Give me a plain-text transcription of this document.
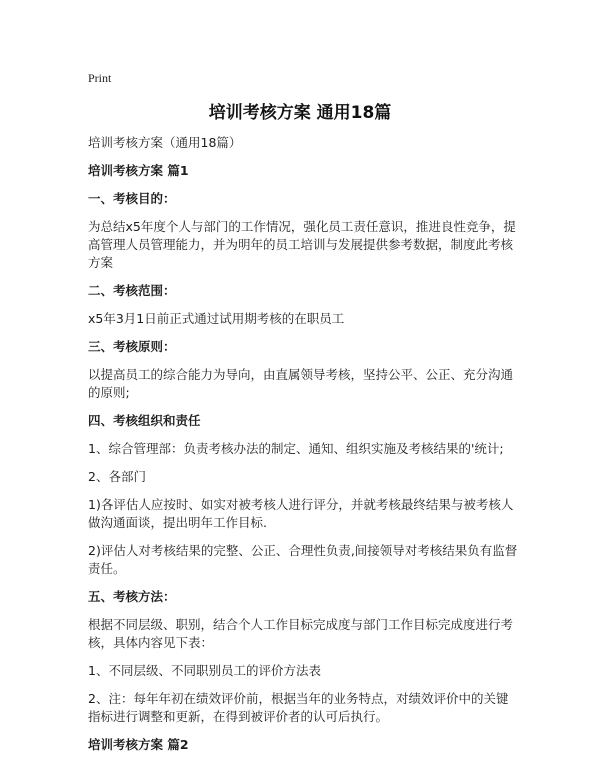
Print
培训考核方案 通用18篇
培训考核方案（通用18篇）
培训考核方案 篇1
一、考核目的：
为总结x5年度个人与部门的工作情况，强化员工责任意识，推进良性竞争，提高管理人员管理能力，并为明年的员工培训与发展提供参考数据，制度此考核方案
二、考核范围：
x5年3月1日前正式通过试用期考核的在职员工
三、考核原则：
以提高员工的综合能力为导向，由直属领导考核，坚持公平、公正、充分沟通的原则;
四、考核组织和责任
1、综合管理部：负责考核办法的制定、通知、组织实施及考核结果的'统计;
2、各部门
1)各评估人应按时、如实对被考核人进行评分，并就考核最终结果与被考核人做沟通面谈，提出明年工作目标.
2)评估人对考核结果的完整、公正、合理性负责,间接领导对考核结果负有监督责任。
五、考核方法：
根据不同层级、职别，结合个人工作目标完成度与部门工作目标完成度进行考核，具体内容见下表：
1、不同层级、不同职别员工的评价方法表
2、注：每年年初在绩效评价前，根据当年的业务特点，对绩效评价中的关键指标进行调整和更新，在得到被评价者的认可后执行。
培训考核方案 篇2
